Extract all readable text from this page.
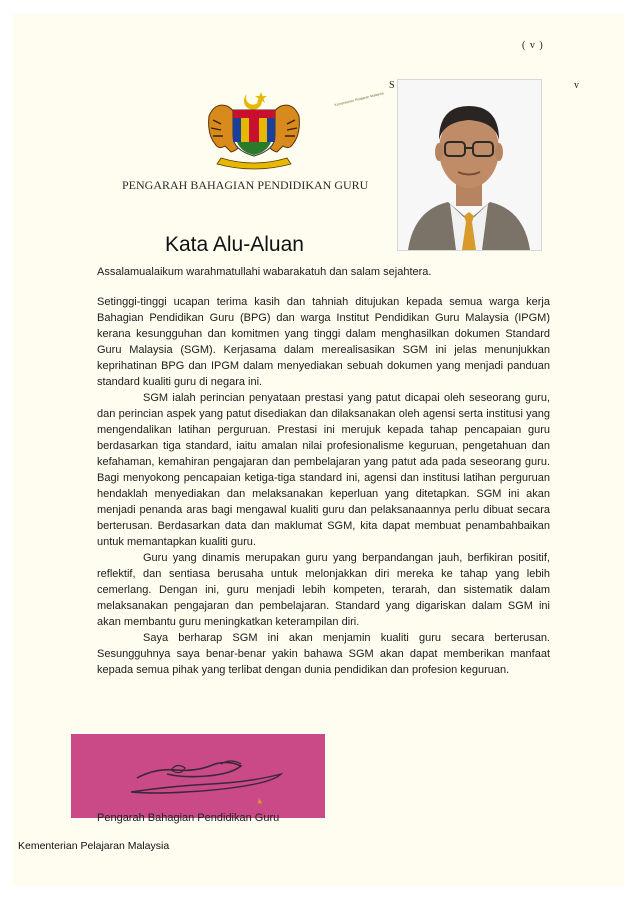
( v )
S	v
Kementerian Pelajaran Malaysia
PENGARAH BAHAGIAN PENDIDIKAN GURU
Kata Alu-Aluan

Assalamualaikum warahmatullahi wabarakatuh dan salam sejahtera.

Setinggi-tinggi ucapan terima kasih dan tahniah ditujukan kepada semua warga kerja Bahagian Pendidikan Guru (BPG) dan warga Institut Pendidikan Guru Malaysia (IPGM) kerana kesungguhan dan komitmen yang tinggi dalam menghasilkan dokumen Standard Guru Malaysia (SGM). Kerjasama dalam merealisasikan SGM ini jelas menunjukkan keprihatinan BPG dan IPGM dalam menyediakan sebuah dokumen yang menjadi panduan standard kualiti guru di negara ini.

SGM ialah perincian penyataan prestasi yang patut dicapai oleh seseorang guru, dan perincian aspek yang patut disediakan dan dilaksanakan oleh agensi serta institusi yang mengendalikan latihan perguruan. Prestasi ini merujuk kepada tahap pencapaian guru berdasarkan tiga standard, iaitu amalan nilai profesionalisme keguruan, pengetahuan dan kefahaman, kemahiran pengajaran dan pembelajaran yang patut ada pada seseorang guru. Bagi menyokong pencapaian ketiga-tiga standard ini, agensi dan institusi latihan perguruan hendaklah menyediakan dan melaksanakan keperluan yang ditetapkan. SGM ini akan menjadi penanda aras bagi mengawal kualiti guru dan pelaksanaannya perlu dibuat secara berterusan. Berdasarkan data dan maklumat SGM, kita dapat membuat penambahbaikan untuk memantapkan kualiti guru.

Guru yang dinamis merupakan guru yang berpandangan jauh, berfikiran positif, reflektif, dan sentiasa berusaha untuk melonjakkan diri mereka ke tahap yang lebih cemerlang. Dengan ini, guru menjadi lebih kompeten, terarah, dan sistematik dalam melaksanakan pengajaran dan pembelajaran. Standard yang digariskan dalam SGM ini akan membantu guru meningkatkan keterampilan diri.

Saya berharap SGM ini akan menjamin kualiti guru secara berterusan. Sesungguhnya saya benar-benar yakin bahawa SGM akan dapat memberikan manfaat kepada semua pihak yang terlibat dengan dunia pendidikan dan profesion keguruan.

Pengarah Bahagian Pendidikan Guru
Kementerian Pelajaran Malaysia
